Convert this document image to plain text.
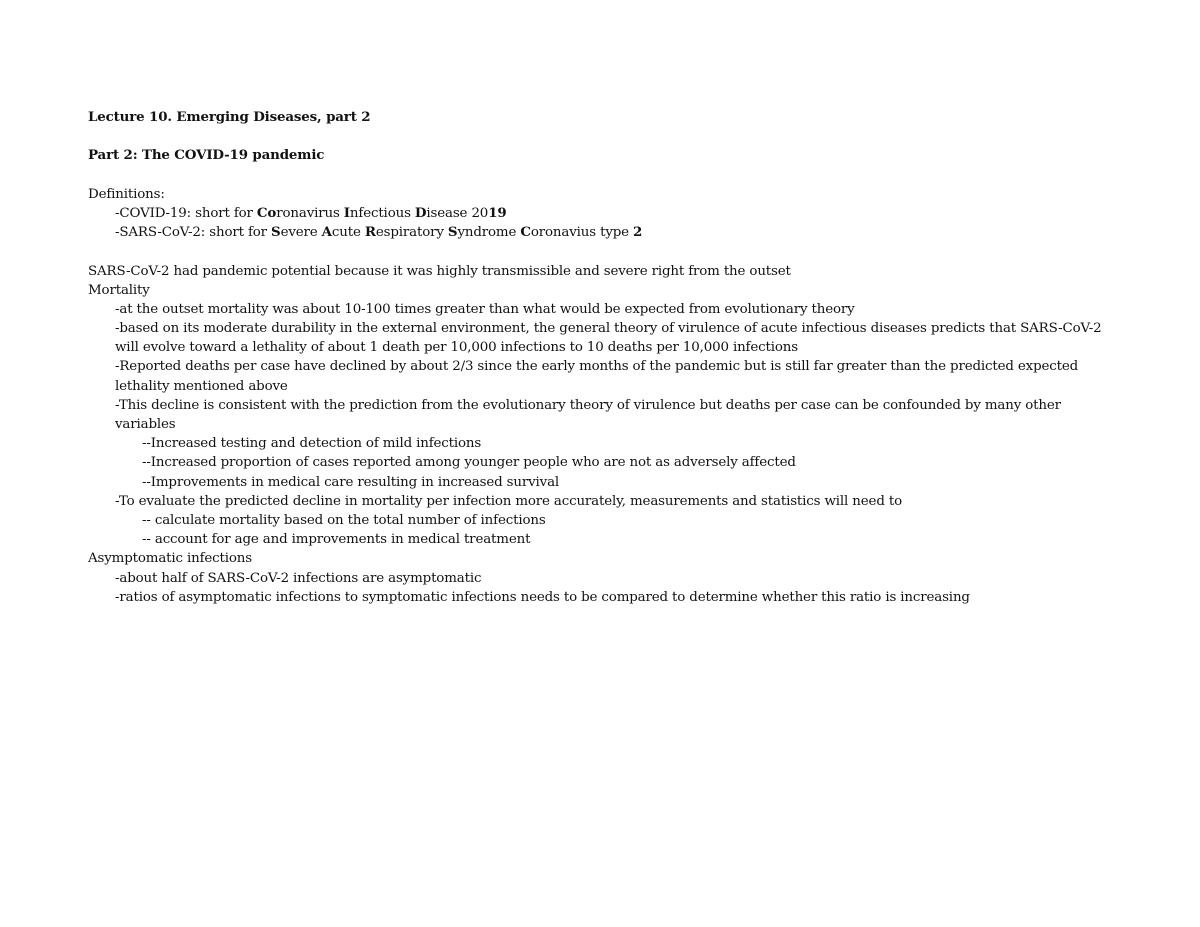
Lecture 10. Emerging Diseases, part 2
Part 2: The COVID-19 pandemic
Definitions:
-COVID-19: short for Coronavirus Infectious Disease 2019
-SARS-CoV-2: short for Severe Acute Respiratory Syndrome Coronavius type 2
SARS-CoV-2 had pandemic potential because it was highly transmissible and severe right from the outset
Mortality
-at the outset mortality was about 10-100 times greater than what would be expected from evolutionary theory
-based on its moderate durability in the external environment, the general theory of virulence of acute infectious diseases predicts that SARS-CoV-2
will evolve toward a lethality of about 1 death per 10,000 infections to 10 deaths per 10,000 infections
-Reported deaths per case have declined by about 2/3 since the early months of the pandemic but is still far greater than the predicted expected
lethality mentioned above
-This decline is consistent with the prediction from the evolutionary theory of virulence but deaths per case can be confounded by many other
variables
--Increased testing and detection of mild infections
--Increased proportion of cases reported among younger people who are not as adversely affected
--Improvements in medical care resulting in increased survival
-To evaluate the predicted decline in mortality per infection more accurately, measurements and statistics will need to
-- calculate mortality based on the total number of infections
-- account for age and improvements in medical treatment
Asymptomatic infections
-about half of SARS-CoV-2 infections are asymptomatic
-ratios of asymptomatic infections to symptomatic infections needs to be compared to determine whether this ratio is increasing
